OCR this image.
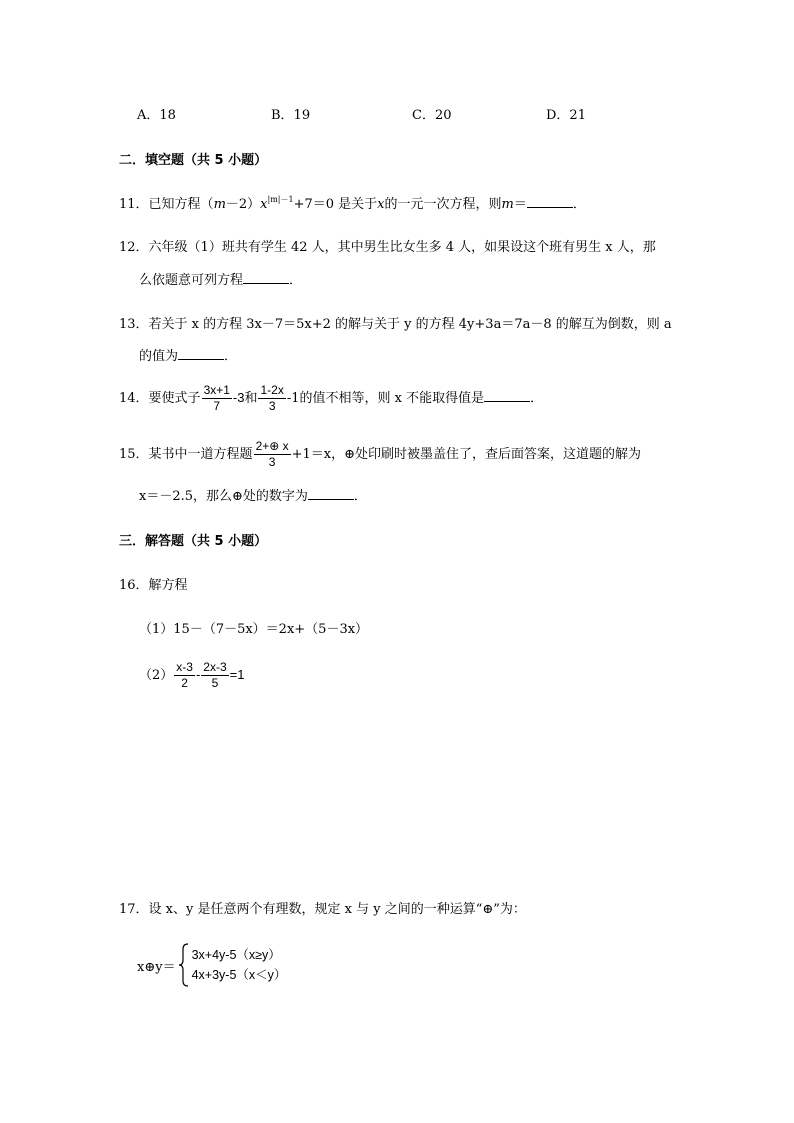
A．18	B．19	C．20	D．21
二．填空题（共 5 小题）
11．已知方程$(m-2)x^{|m|-1}+7=0$ 是关于x的一元一次方程，则m＝	．
12．六年级（1）班共有学生 42 人，其中男生比女生多 4 人，如果设这个班有男生 x 人，那
么依题意可列方程	．
13．若关于 x 的方程 3x－7＝5x+2 的解与关于 y 的方程 4y+3a＝7a－8 的解互为倒数，则 a
的值为	．
14．要使式子 $\frac{3x+1}{7} -3$和 $\frac{1-2x}{3} -1$的值不相等，则 x 不能取得值是	．
15．某书中一道方程题 $\frac{2+\oplus x}{3} +1=x$，⊕处印刷时被墨盖住了，查后面答案，这道题的解为
x＝－2.5，那么⊕处的数字为	．
三．解答题（共 5 小题）
16．解方程
（1）15－（7－5x）＝2x+（5－3x）
$(2) \frac{x-3}{2} - \frac{2x-3}{5} =1$
17．设 x、y 是任意两个有理数，规定 x 与 y 之间的一种运算“⊕”为：
x⊕y＝
3x+4y-5（x≥y）
4x+3y-5（x＜y）
